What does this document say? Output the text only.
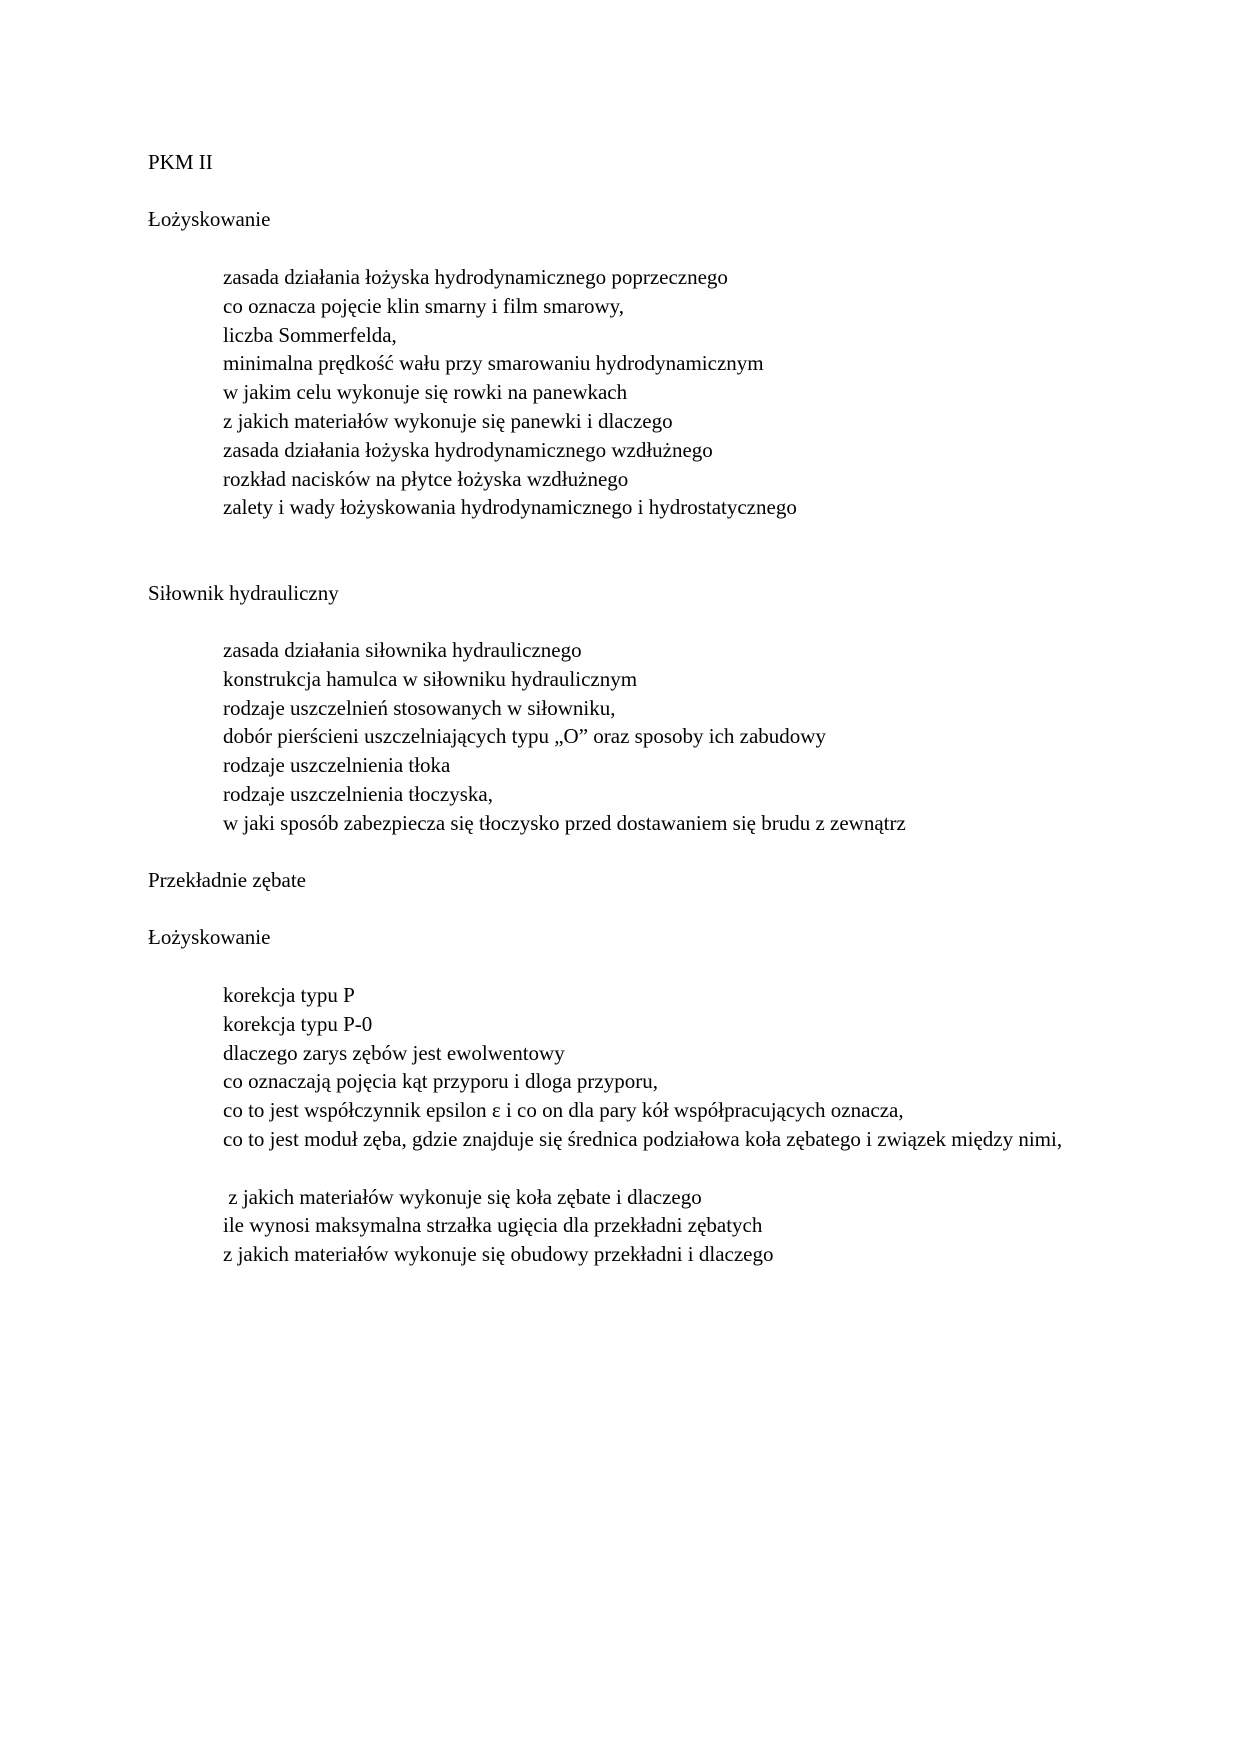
PKM II

Łożyskowanie

zasada działania łożyska hydrodynamicznego poprzecznego
co oznacza pojęcie klin smarny i film smarowy,
liczba Sommerfelda,
minimalna prędkość wału przy smarowaniu hydrodynamicznym
w jakim celu wykonuje się rowki na panewkach
z jakich materiałów wykonuje się panewki i dlaczego
zasada działania łożyska hydrodynamicznego wzdłużnego
rozkład nacisków na płytce łożyska wzdłużnego
zalety i wady łożyskowania hydrodynamicznego i hydrostatycznego

Siłownik hydrauliczny

zasada działania siłownika hydraulicznego
konstrukcja hamulca w siłowniku hydraulicznym
rodzaje uszczelnień stosowanych w siłowniku,
dobór pierścieni uszczelniających typu „O” oraz sposoby ich zabudowy
rodzaje uszczelnienia tłoka
rodzaje uszczelnienia tłoczyska,
w jaki sposób zabezpiecza się tłoczysko przed dostawaniem się brudu z zewnątrz

Przekładnie zębate

Łożyskowanie

korekcja typu P
korekcja typu P-0
dlaczego zarys zębów jest ewolwentowy
co oznaczają pojęcia kąt przyporu i dloga przyporu,
co to jest współczynnik epsilon ε i co on dla pary kół współpracujących oznacza,
co to jest moduł zęba, gdzie znajduje się średnica podziałowa koła zębatego i związek między nimi,
z jakich materiałów wykonuje się koła zębate i dlaczego
ile wynosi maksymalna strzałka ugięcia dla przekładni zębatych
z jakich materiałów wykonuje się obudowy przekładni i dlaczego
